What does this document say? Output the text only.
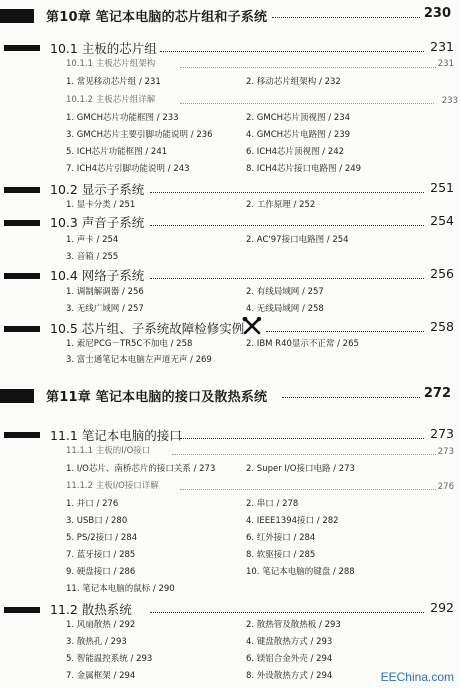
第10章 笔记本电脑的芯片组和子系统	230
10.1 主板的芯片组	231
10.1.1 主板芯片组架构	231
1. 常见移动芯片组 / 231	2. 移动芯片组架构 / 232
10.1.2 主板芯片组详解	233
1. GMCH芯片功能框图 / 233	2. GMCH芯片顶视图 / 234
3. GMCH芯片主要引脚功能说明 / 236	4. GMCH芯片电路图 / 239
5. ICH芯片功能框图 / 241	6. ICH4芯片顶视图 / 242
7. ICH4芯片引脚功能说明 / 243	8. ICH4芯片接口电路图 / 249
10.2 显示子系统	251
1. 显卡分类 / 251	2. 工作原理 / 252
10.3 声音子系统	254
1. 声卡 / 254	2. AC'97接口电路图 / 254
3. 音箱 / 255
10.4 网络子系统	256
1. 调制解调器 / 256	2. 有线局域网 / 257
3. 无线广域网 / 257	4. 无线局域网 / 258
10.5 芯片组、子系统故障检修实例	258
1. 索尼PCG－TR5C不加电 / 258	2. IBM R40显示不正常 / 265
3. 富士通笔记本电脑左声道无声 / 269
第11章 笔记本电脑的接口及散热系统	272
11.1 笔记本电脑的接口	273
11.1.1 主板的I/O接口	273
1. I/O芯片、南桥芯片的接口关系 / 273	2. Super I/O接口电路 / 273
11.1.2 主板I/O接口详解	276
1. 并口 / 276	2. 串口 / 278
3. USB口 / 280	4. IEEE1394接口 / 282
5. PS/2接口 / 284	6. 红外接口 / 284
7. 蓝牙接口 / 285	8. 软驱接口 / 285
9. 硬盘接口 / 286	10. 笔记本电脑的键盘 / 288
11. 笔记本电脑的鼠标 / 290
11.2 散热系统	292
1. 风扇散热 / 292	2. 散热管及散热板 / 293
3. 散热孔 / 293	4. 键盘散热方式 / 293
5. 智能温控系统 / 293	6. 镁铝合金外壳 / 294
7. 金属框架 / 294	8. 外设散热方式 / 294	EEChina.com
